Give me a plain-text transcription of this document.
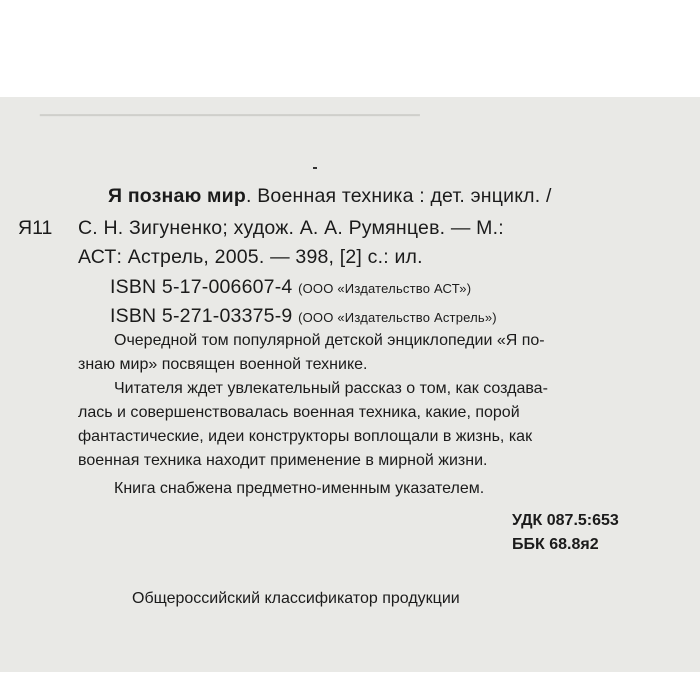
▁▁▁▁▁▁▁▁▁▁▁▁▁▁▁▁▁▁▁▁▁▁▁▁▁▁▁▁▁▁▁▁▁▁▁▁▁▁
Я познаю мир. Военная техника : дет. энцикл. /
Я11 С. Н. Зигуненко; худож. А. А. Румянцев. — М.:
АСТ: Астрель, 2005. — 398, [2] с.: ил.
ISBN 5-17-006607-4 (ООО «Издательство АСТ»)
ISBN 5-271-03375-9 (ООО «Издательство Астрель»)
Очередной том популярной детской энциклопедии «Я по-
знаю мир» посвящен военной технике.
Читателя ждет увлекательный рассказ о том, как создава-
лась и совершенствовалась военная техника, какие, порой
фантастические, идеи конструкторы воплощали в жизнь, как
военная техника находит применение в мирной жизни.
Книга снабжена предметно-именным указателем.
УДК 087.5:653
ББК 68.8я2
Общероссийский классификатор продукции
